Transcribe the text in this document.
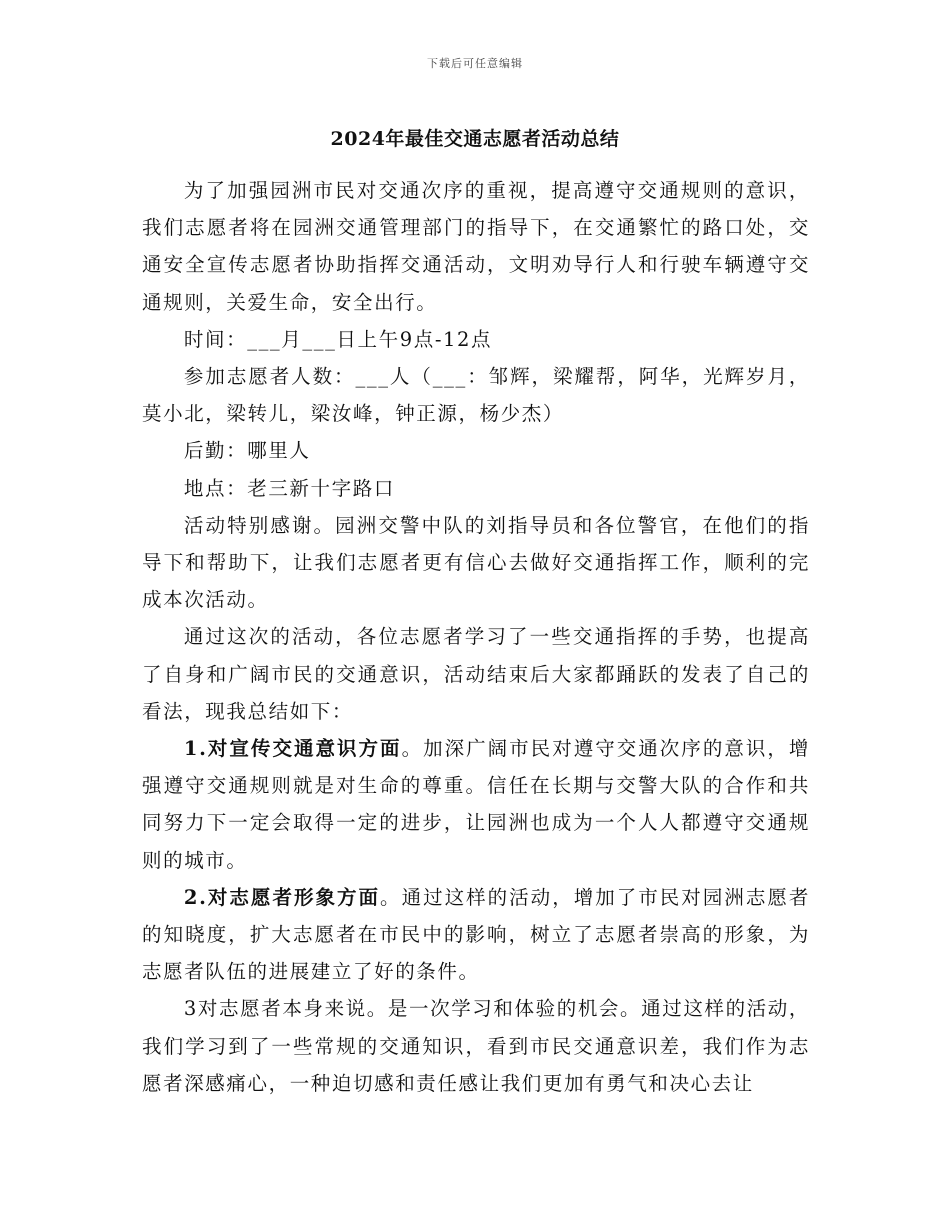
下载后可任意编辑
2024年最佳交通志愿者活动总结

为了加强园洲市民对交通次序的重视，提高遵守交通规则的意识，我们志愿者将在园洲交通管理部门的指导下，在交通繁忙的路口处，交通安全宣传志愿者协助指挥交通活动，文明劝导行人和行驶车辆遵守交通规则，关爱生命，安全出行。

时间：___月___日上午9点-12点

参加志愿者人数：___人（___：邹辉，梁耀帮，阿华，光辉岁月，莫小北，梁转儿，梁汝峰，钟正源，杨少杰）

后勤：哪里人

地点：老三新十字路口

活动特别感谢。园洲交警中队的刘指导员和各位警官，在他们的指导下和帮助下，让我们志愿者更有信心去做好交通指挥工作，顺利的完成本次活动。

通过这次的活动，各位志愿者学习了一些交通指挥的手势，也提高了自身和广阔市民的交通意识，活动结束后大家都踊跃的发表了自己的看法，现我总结如下：

1.对宣传交通意识方面。加深广阔市民对遵守交通次序的意识，增强遵守交通规则就是对生命的尊重。信任在长期与交警大队的合作和共同努力下一定会取得一定的进步，让园洲也成为一个人人都遵守交通规则的城市。

2.对志愿者形象方面。通过这样的活动，增加了市民对园洲志愿者的知晓度，扩大志愿者在市民中的影响，树立了志愿者崇高的形象，为志愿者队伍的进展建立了好的条件。

3对志愿者本身来说。是一次学习和体验的机会。通过这样的活动，我们学习到了一些常规的交通知识，看到市民交通意识差，我们作为志愿者深感痛心，一种迫切感和责任感让我们更加有勇气和决心去让
